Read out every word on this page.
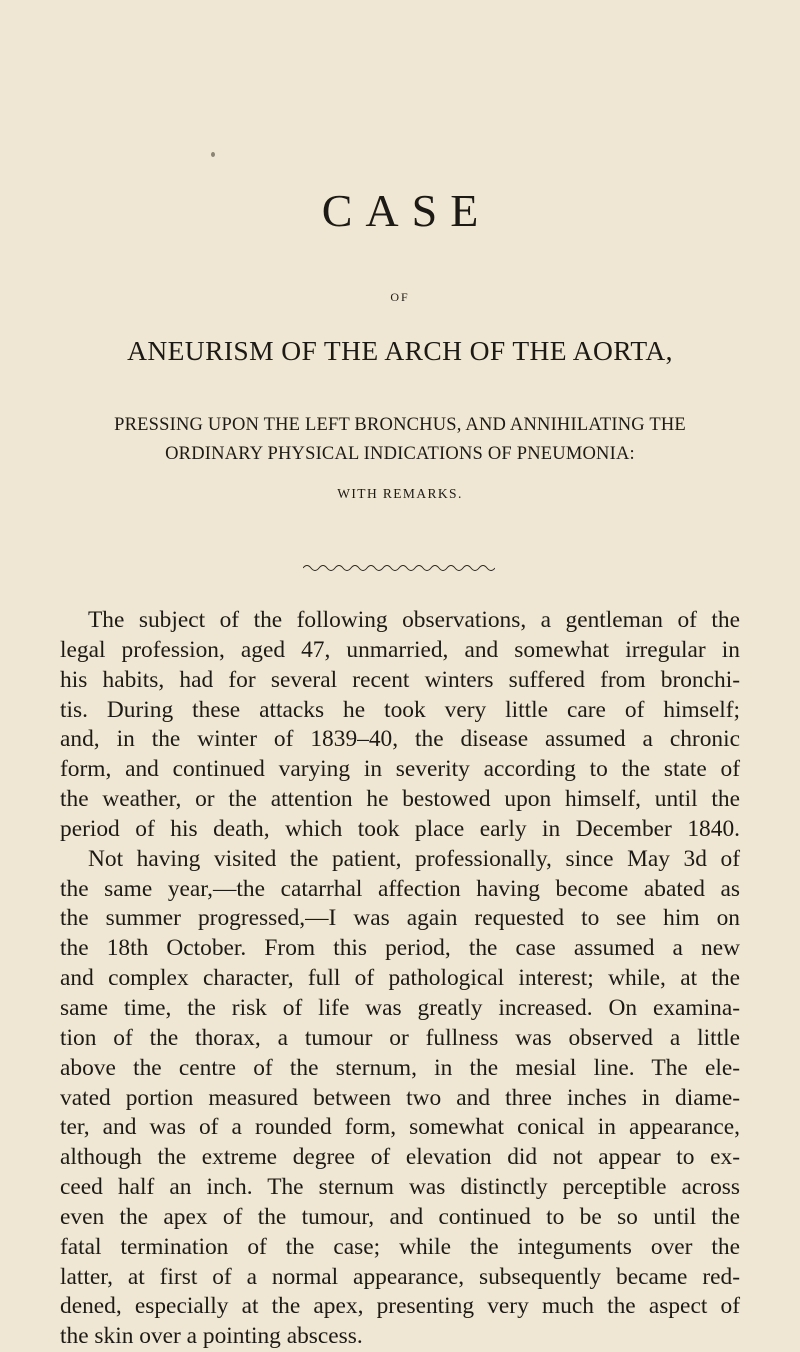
CASE
OF
ANEURISM OF THE ARCH OF THE AORTA,
PRESSING UPON THE LEFT BRONCHUS, AND ANNIHILATING THE
ORDINARY PHYSICAL INDICATIONS OF PNEUMONIA:
WITH REMARKS.
The subject of the following observations, a gentleman of the
legal profession, aged 47, unmarried, and somewhat irregular in
his habits, had for several recent winters suffered from bronchi-
tis. During these attacks he took very little care of himself;
and, in the winter of 1839–40, the disease assumed a chronic
form, and continued varying in severity according to the state of
the weather, or the attention he bestowed upon himself, until the
period of his death, which took place early in December 1840.
Not having visited the patient, professionally, since May 3d of
the same year,—the catarrhal affection having become abated as
the summer progressed,—I was again requested to see him on
the 18th October. From this period, the case assumed a new
and complex character, full of pathological interest; while, at the
same time, the risk of life was greatly increased. On examina-
tion of the thorax, a tumour or fullness was observed a little
above the centre of the sternum, in the mesial line. The ele-
vated portion measured between two and three inches in diame-
ter, and was of a rounded form, somewhat conical in appearance,
although the extreme degree of elevation did not appear to ex-
ceed half an inch. The sternum was distinctly perceptible across
even the apex of the tumour, and continued to be so until the
fatal termination of the case; while the integuments over the
latter, at first of a normal appearance, subsequently became red-
dened, especially at the apex, presenting very much the aspect of
the skin over a pointing abscess.
